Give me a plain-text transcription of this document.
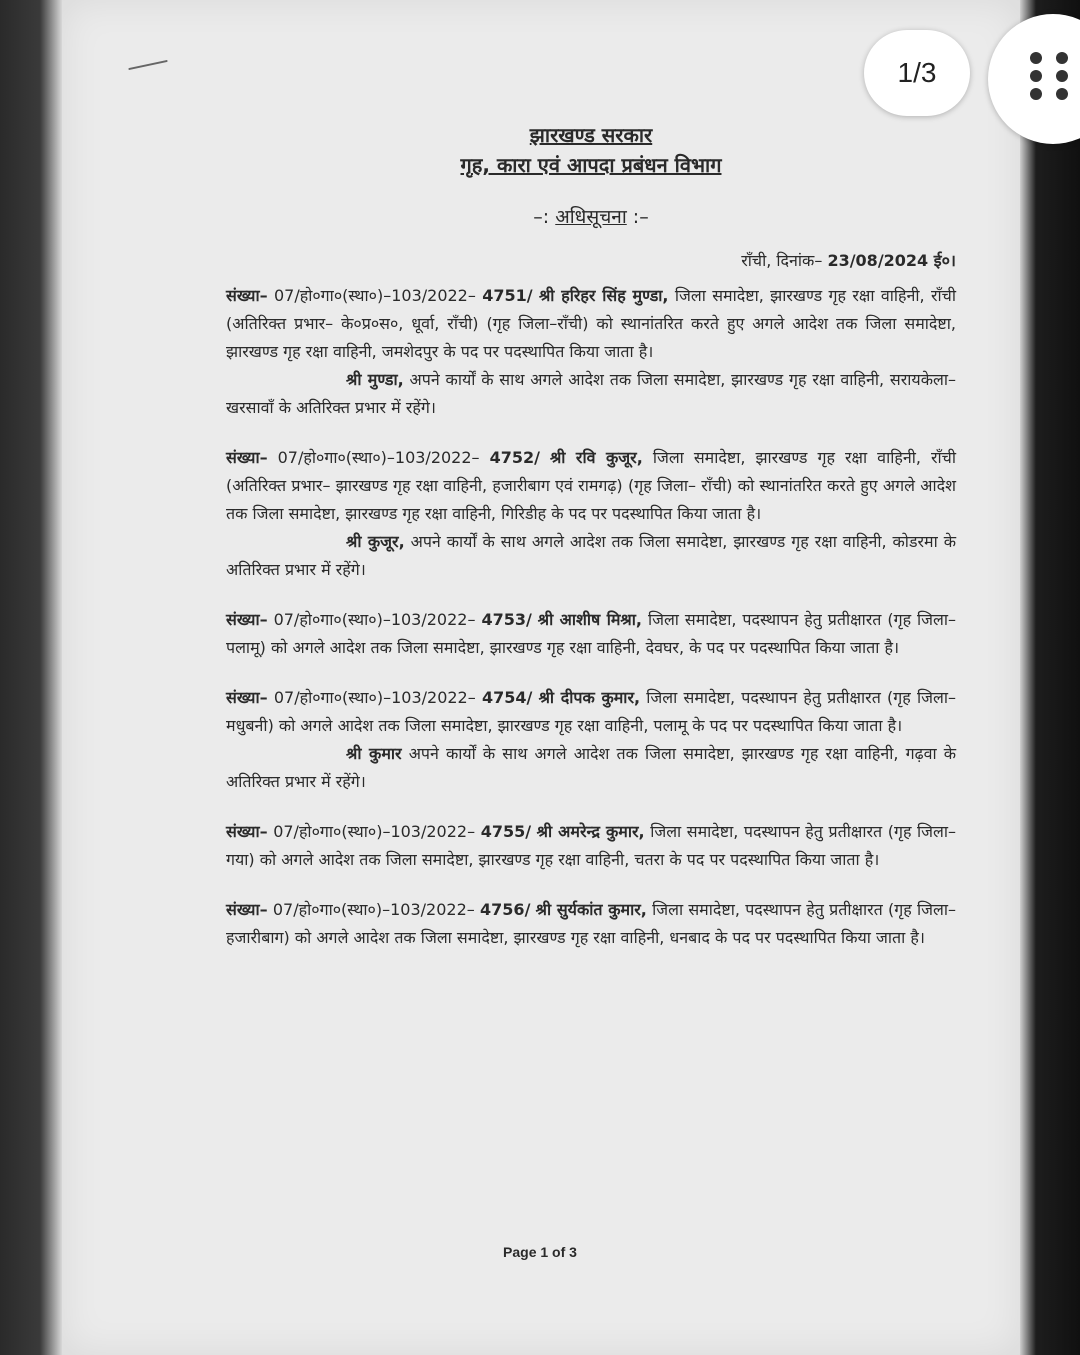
झारखण्ड सरकार

गृह, कारा एवं आपदा प्रबंधन विभाग

–: अधिसूचना :–
राँची, दिनांक– 23/08/2024 ई०।

संख्या– 07/हो०गा०(स्था०)–103/2022– 4751/ श्री हरिहर सिंह मुण्डा, जिला समादेष्टा, झारखण्ड गृह रक्षा वाहिनी, राँची (अतिरिक्त प्रभार– के०प्र०स०, धूर्वा, राँची) (गृह जिला–राँची) को स्थानांतरित करते हुए अगले आदेश तक जिला समादेष्टा, झारखण्ड गृह रक्षा वाहिनी, जमशेदपुर के पद पर पदस्थापित किया जाता है।

श्री मुण्डा, अपने कार्यों के साथ अगले आदेश तक जिला समादेष्टा, झारखण्ड गृह रक्षा वाहिनी, सरायकेला–खरसावाँ के अतिरिक्त प्रभार में रहेंगे।

संख्या– 07/हो०गा०(स्था०)–103/2022– 4752/ श्री रवि कुजूर, जिला समादेष्टा, झारखण्ड गृह रक्षा वाहिनी, राँची (अतिरिक्त प्रभार– झारखण्ड गृह रक्षा वाहिनी, हजारीबाग एवं रामगढ़) (गृह जिला– राँची) को स्थानांतरित करते हुए अगले आदेश तक जिला समादेष्टा, झारखण्ड गृह रक्षा वाहिनी, गिरिडीह के पद पर पदस्थापित किया जाता है।

श्री कुजूर, अपने कार्यों के साथ अगले आदेश तक जिला समादेष्टा, झारखण्ड गृह रक्षा वाहिनी, कोडरमा के अतिरिक्त प्रभार में रहेंगे।

संख्या– 07/हो०गा०(स्था०)–103/2022– 4753/ श्री आशीष मिश्रा, जिला समादेष्टा, पदस्थापन हेतु प्रतीक्षारत (गृह जिला– पलामू) को अगले आदेश तक जिला समादेष्टा, झारखण्ड गृह रक्षा वाहिनी, देवघर, के पद पर पदस्थापित किया जाता है।

संख्या– 07/हो०गा०(स्था०)–103/2022– 4754/ श्री दीपक कुमार, जिला समादेष्टा, पदस्थापन हेतु प्रतीक्षारत (गृह जिला–मधुबनी) को अगले आदेश तक जिला समादेष्टा, झारखण्ड गृह रक्षा वाहिनी, पलामू के पद पर पदस्थापित किया जाता है।

श्री कुमार अपने कार्यों के साथ अगले आदेश तक जिला समादेष्टा, झारखण्ड गृह रक्षा वाहिनी, गढ़वा के अतिरिक्त प्रभार में रहेंगे।

संख्या– 07/हो०गा०(स्था०)–103/2022– 4755/ श्री अमरेन्द्र कुमार, जिला समादेष्टा, पदस्थापन हेतु प्रतीक्षारत (गृह जिला–गया) को अगले आदेश तक जिला समादेष्टा, झारखण्ड गृह रक्षा वाहिनी, चतरा के पद पर पदस्थापित किया जाता है।

संख्या– 07/हो०गा०(स्था०)–103/2022– 4756/ श्री सुर्यकांत कुमार, जिला समादेष्टा, पदस्थापन हेतु प्रतीक्षारत (गृह जिला– हजारीबाग) को अगले आदेश तक जिला समादेष्टा, झारखण्ड गृह रक्षा वाहिनी, धनबाद के पद पर पदस्थापित किया जाता है।

Page 1 of 3
1/3
